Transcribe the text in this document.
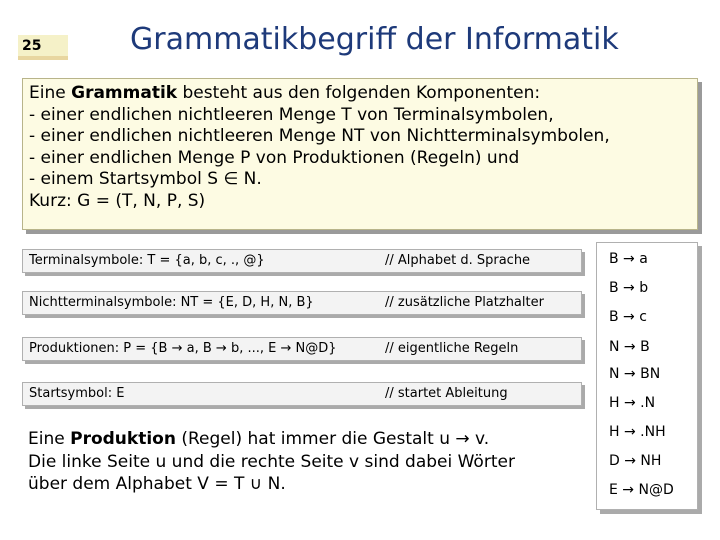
25	Grammatikbegriff der Informatik
Eine Grammatik besteht aus den folgenden Komponenten:
- einer endlichen nichtleeren Menge T von Terminalsymbolen,
- einer endlichen nichtleeren Menge NT von Nichtterminalsymbolen,
- einer endlichen Menge P von Produktionen (Regeln) und
- einem Startsymbol S ∈ N.
Kurz: G = (T, N, P, S)
Terminalsymbole: T = {a, b, c, ., @}	// Alphabet d. Sprache
Nichtterminalsymbole: NT = {E, D, H, N, B}	// zusätzliche Platzhalter
Produktionen: P = {B → a, B → b, ..., E → N@D}	// eigentliche Regeln
Startsymbol: E	// startet Ableitung
B → a
B → b
B → c
N → B
N → BN
H → .N
H → .NH
D → NH
E → N@D
Eine Produktion (Regel) hat immer die Gestalt u → v.
Die linke Seite u und die rechte Seite v sind dabei Wörter
über dem Alphabet V = T ∪ N.
